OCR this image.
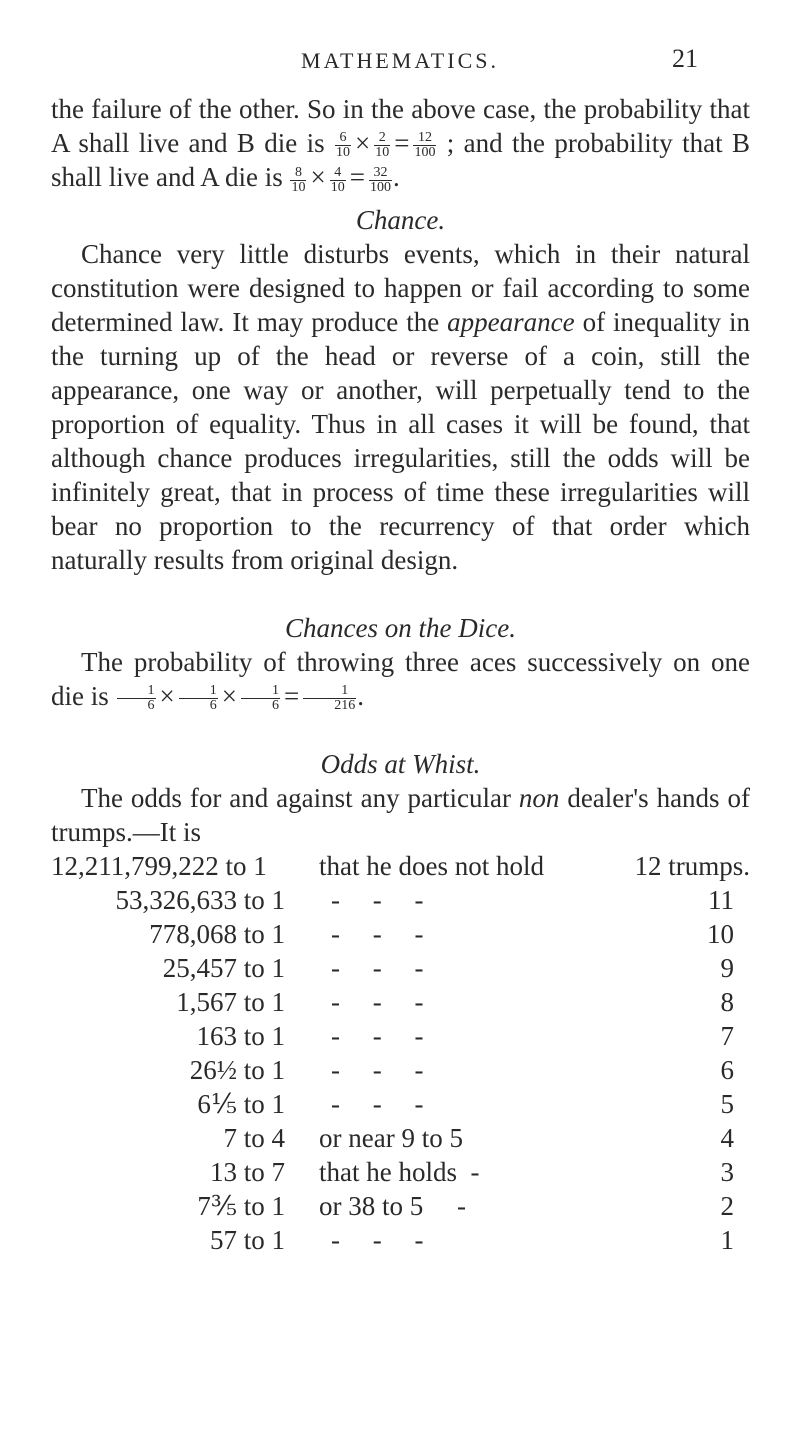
MATHEMATICS.	21

the failure of the other. So in the above case, the probability that A shall live and B die is $\frac{6}{10} \times \frac{2}{10} = \frac{12}{100}$ ; and the probability that B shall live and A die is $\frac{8}{10} \times \frac{4}{10} = \frac{32}{100}$ .

Chance.

Chance very little disturbs events, which in their natural constitution were designed to happen or fail according to some determined law. It may produce the appearance of inequality in the turning up of the head or reverse of a coin, still the appearance, one way or another, will perpetually tend to the proportion of equality. Thus in all cases it will be found, that although chance produces irregularities, still the odds will be infinitely great, that in process of time these irregularities will bear no proportion to the recurrency of that order which naturally results from original design.

Chances on the Dice.

The probability of throwing three aces successively on one die is $\frac{1}{6} \times \frac{1}{6} \times \frac{1}{6} = \frac{1}{216}$ .

Odds at Whist.

The odds for and against any particular non dealer's hands of trumps.—It is

12,211,799,222 to 1 that he does not hold	12 trumps.
53,326,633 to 1 - - -	11
778,068 to 1 - - -	10
25,457 to 1 - - -	9
1,567 to 1 - - -	8
163 to 1 - - -	7
26½ to 1 - - -	6
6⅕ to 1 - - -	5
7 to 4 or near 9 to 5	4
13 to 7 that he holds  -	3
7⅗ to 1 or 38 to 5     -	2
57 to 1 - - -	1
